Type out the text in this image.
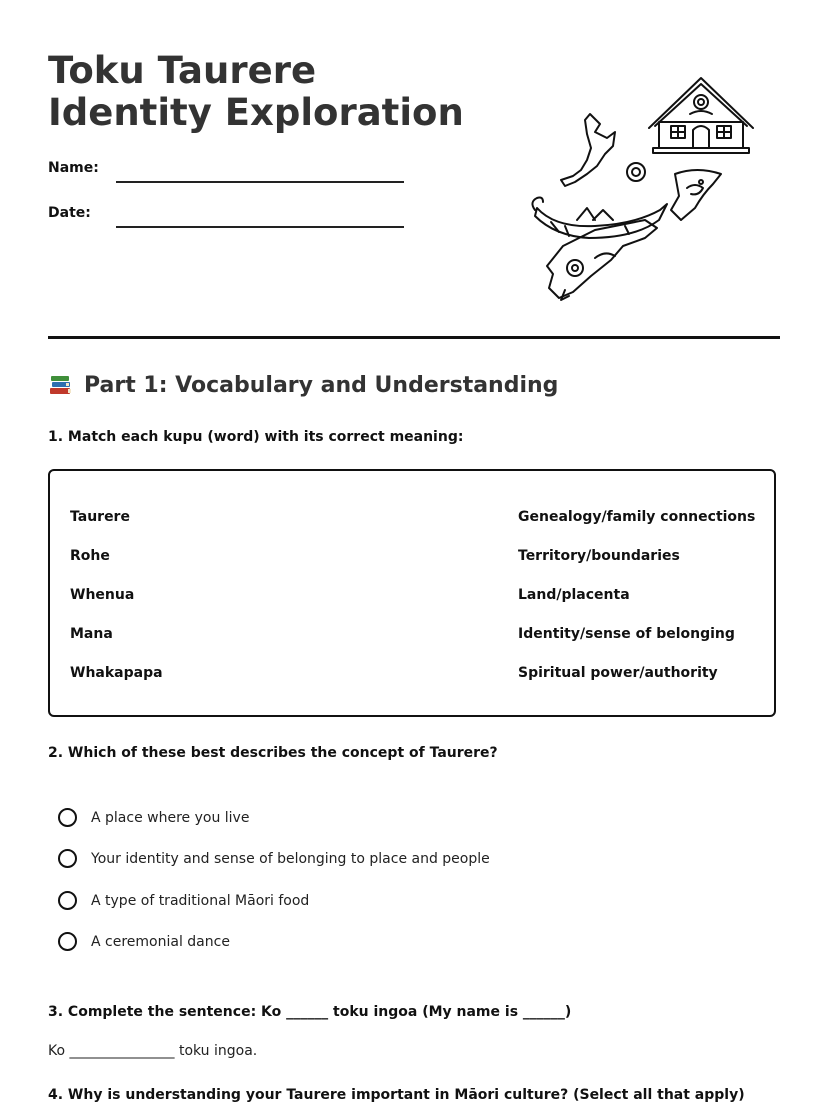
Toku Taurere Identity Exploration
Name:
Date:
Part 1: Vocabulary and Understanding
1. Match each kupu (word) with its correct meaning:
Taurere
Rohe
Whenua
Mana
Whakapapa
Genealogy/family connections
Territory/boundaries
Land/placenta
Identity/sense of belonging
Spiritual power/authority
2. Which of these best describes the concept of Taurere?
A place where you live
Your identity and sense of belonging to place and people
A type of traditional Māori food
A ceremonial dance
3. Complete the sentence: Ko ______ toku ingoa (My name is ______)
Ko _______________ toku ingoa.
4. Why is understanding your Taurere important in Māori culture? (Select all that apply)
